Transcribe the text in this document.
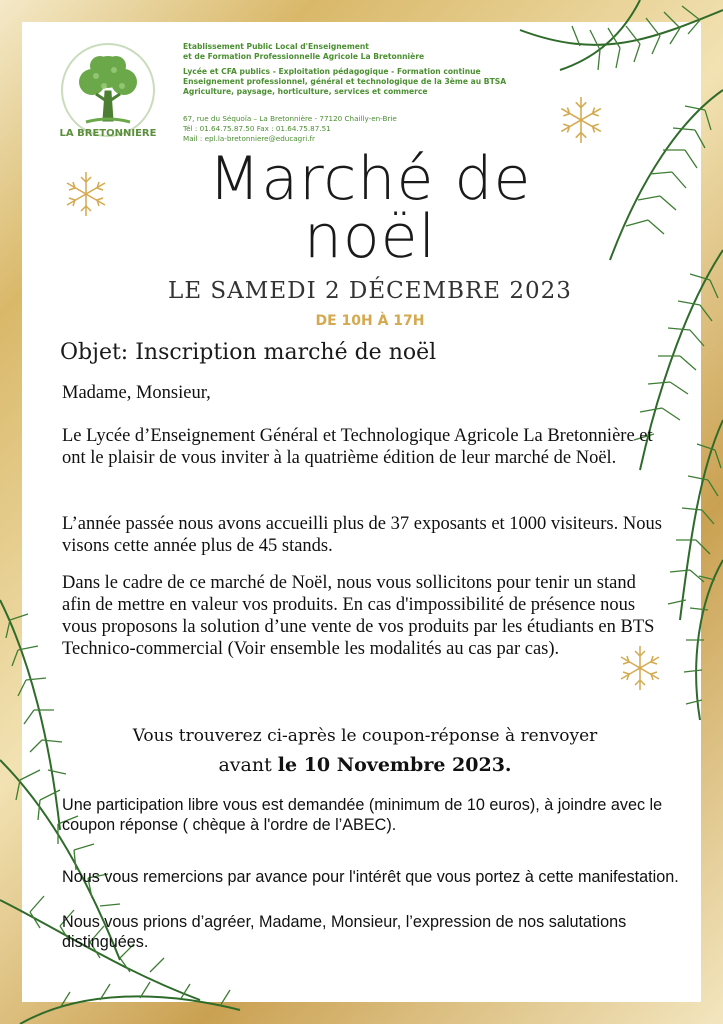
LA BRETONNIERE
Etablissement Public Local d'Enseignement
et de Formation Professionnelle Agricole La Bretonnière
Lycée et CFA publics - Exploitation pédagogique - Formation continue
Enseignement professionnel, général et technologique de la 3ème au BTSA
Agriculture, paysage, horticulture, services et commerce
67, rue du Séquoïa – La Bretonnière - 77120 Chailly-en-Brie
Tél : 01.64.75.87.50 Fax : 01.64.75.87.51
Mail : epl.la-bretonniere@educagri.fr
Marché de
noël
LE SAMEDI 2 DÉCEMBRE 2023
DE 10H À 17H
Objet: Inscription marché de noël
Madame, Monsieur,
Le Lycée d’Enseignement Général et Technologique Agricole La Bretonnière et ont le plaisir de vous inviter à la quatrième édition de leur marché de Noël.
L’année passée nous avons accueilli plus de 37 exposants et 1000 visiteurs. Nous visons cette année plus de 45 stands.
Dans le cadre de ce marché de Noël, nous vous sollicitons pour tenir un stand afin de mettre en valeur vos produits. En cas d'impossibilité de présence nous vous proposons la solution d’une vente de vos produits par les étudiants en BTS Technico-commercial (Voir ensemble les modalités au cas par cas).
Vous trouverez ci-après le coupon-réponse à renvoyer
avant le 10 Novembre 2023.
Une participation libre vous est demandée (minimum de 10 euros), à joindre avec le coupon réponse ( chèque à l'ordre de l’ABEC).
Nous vous remercions par avance pour l'intérêt que vous portez à cette manifestation.
Nous vous prions d’agréer, Madame, Monsieur, l’expression de nos salutations distinguées.
